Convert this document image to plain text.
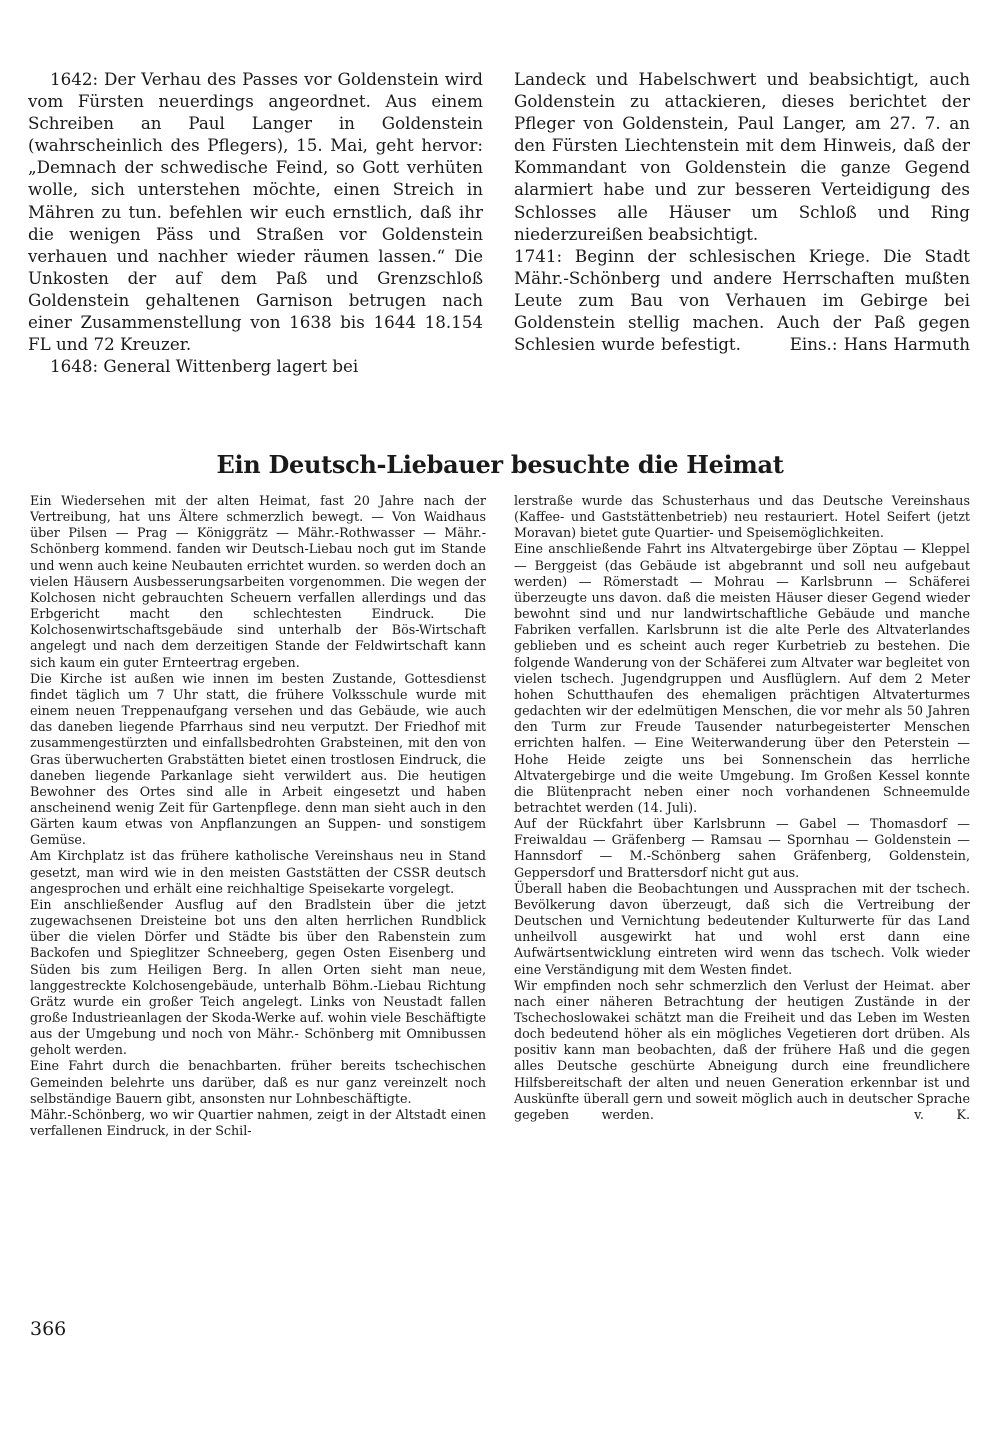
1642: Der Verhau des Passes vor Goldenstein wird vom Fürsten neuerdings angeordnet. Aus einem Schreiben an Paul Langer in Goldenstein (wahrscheinlich des Pflegers), 15. Mai, geht hervor: „Demnach der schwedische Feind, so Gott verhüten wolle, sich unterstehen möchte, einen Streich in Mähren zu tun. befehlen wir euch ernstlich, daß ihr die wenigen Päss und Straßen vor Goldenstein verhauen und nachher wieder räumen lassen.“ Die Unkosten der auf dem Paß und Grenzschloß Goldenstein gehaltenen Garnison betrugen nach einer Zusammenstellung von 1638 bis 1644 18.154 FL und 72 Kreuzer.

1648: General Wittenberg lagert bei

Landeck und Habelschwert und beabsichtigt, auch Goldenstein zu attackieren, dieses berichtet der Pfleger von Goldenstein, Paul Langer, am 27. 7. an den Fürsten Liechtenstein mit dem Hinweis, daß der Kommandant von Goldenstein die ganze Gegend alarmiert habe und zur besseren Verteidigung des Schlosses alle Häuser um Schloß und Ring niederzureißen beabsichtigt.

1741: Beginn der schlesischen Kriege. Die Stadt Mähr.-Schönberg und andere Herrschaften mußten Leute zum Bau von Verhauen im Gebirge bei Goldenstein stellig machen. Auch der Paß gegen Schlesien wurde befestigt.	Eins.: Hans Harmuth

Ein Deutsch-Liebauer besuchte die Heimat

Ein Wiedersehen mit der alten Heimat, fast 20 Jahre nach der Vertreibung, hat uns Ältere schmerzlich bewegt. — Von Waidhaus über Pilsen — Prag — Königgrätz — Mähr.-Rothwasser — Mähr.-Schönberg kommend. fanden wir Deutsch-Liebau noch gut im Stande und wenn auch keine Neubauten errichtet wurden. so werden doch an vielen Häusern Ausbesserungsarbeiten vorgenommen. Die wegen der Kolchosen nicht gebrauchten Scheuern verfallen allerdings und das Erbgericht macht den schlechtesten Eindruck. Die Kolchosenwirtschaftsgebäude sind unterhalb der Bös-Wirtschaft angelegt und nach dem derzeitigen Stande der Feldwirtschaft kann sich kaum ein guter Ernteertrag ergeben.

Die Kirche ist außen wie innen im besten Zustande, Gottesdienst findet täglich um 7 Uhr statt, die frühere Volksschule wurde mit einem neuen Treppenaufgang versehen und das Gebäude, wie auch das daneben liegende Pfarrhaus sind neu verputzt. Der Friedhof mit zusammengestürzten und einfallsbedrohten Grabsteinen, mit den von Gras überwucherten Grabstätten bietet einen trostlosen Eindruck, die daneben liegende Parkanlage sieht verwildert aus. Die heutigen Bewohner des Ortes sind alle in Arbeit eingesetzt und haben anscheinend wenig Zeit für Gartenpflege. denn man sieht auch in den Gärten kaum etwas von Anpflanzungen an Suppen- und sonstigem Gemüse.

Am Kirchplatz ist das frühere katholische Vereinshaus neu in Stand gesetzt, man wird wie in den meisten Gaststätten der CSSR deutsch angesprochen und erhält eine reichhaltige Speisekarte vorgelegt.

Ein anschließender Ausflug auf den Bradlstein über die jetzt zugewachsenen Dreisteine bot uns den alten herrlichen Rundblick über die vielen Dörfer und Städte bis über den Rabenstein zum Backofen und Spieglitzer Schneeberg, gegen Osten Eisenberg und Süden bis zum Heiligen Berg. In allen Orten sieht man neue, langgestreckte Kolchosengebäude, unterhalb Böhm.-Liebau Richtung Grätz wurde ein großer Teich angelegt. Links von Neustadt fallen große Industrieanlagen der Skoda-Werke auf. wohin viele Beschäftigte aus der Umgebung und noch von Mähr.- Schönberg mit Omnibussen geholt werden.

Eine Fahrt durch die benachbarten. früher bereits tschechischen Gemeinden belehrte uns darüber, daß es nur ganz vereinzelt noch selbständige Bauern gibt, ansonsten nur Lohnbeschäftigte.

Mähr.-Schönberg, wo wir Quartier nahmen, zeigt in der Altstadt einen verfallenen Eindruck, in der Schil-

lerstraße wurde das Schusterhaus und das Deutsche Vereinshaus (Kaffee- und Gaststättenbetrieb) neu restauriert. Hotel Seifert (jetzt Moravan) bietet gute Quartier- und Speisemöglichkeiten.

Eine anschließende Fahrt ins Altvatergebirge über Zöptau — Kleppel — Berggeist (das Gebäude ist abgebrannt und soll neu aufgebaut werden) — Römerstadt — Mohrau — Karlsbrunn — Schäferei überzeugte uns davon. daß die meisten Häuser dieser Gegend wieder bewohnt sind und nur landwirtschaftliche Gebäude und manche Fabriken verfallen. Karlsbrunn ist die alte Perle des Altvaterlandes geblieben und es scheint auch reger Kurbetrieb zu bestehen. Die folgende Wanderung von der Schäferei zum Altvater war begleitet von vielen tschech. Jugendgruppen und Ausflüglern. Auf dem 2 Meter hohen Schutthaufen des ehemaligen prächtigen Altvaterturmes gedachten wir der edelmütigen Menschen, die vor mehr als 50 Jahren den Turm zur Freude Tausender naturbegeisterter Menschen errichten halfen. — Eine Weiterwanderung über den Peterstein — Hohe Heide zeigte uns bei Sonnenschein das herrliche Altvatergebirge und die weite Umgebung. Im Großen Kessel konnte die Blütenpracht neben einer noch vorhandenen Schneemulde betrachtet werden (14. Juli).

Auf der Rückfahrt über Karlsbrunn — Gabel — Thomasdorf — Freiwaldau — Gräfenberg — Ramsau — Spornhau — Goldenstein — Hannsdorf — M.-Schönberg sahen Gräfenberg, Goldenstein, Geppersdorf und Brattersdorf nicht gut aus.

Überall haben die Beobachtungen und Aussprachen mit der tschech. Bevölkerung davon überzeugt, daß sich die Vertreibung der Deutschen und Vernichtung bedeutender Kulturwerte für das Land unheilvoll ausgewirkt hat und wohl erst dann eine Aufwärtsentwicklung eintreten wird wenn das tschech. Volk wieder eine Verständigung mit dem Westen findet.

Wir empfinden noch sehr schmerzlich den Verlust der Heimat. aber nach einer näheren Betrachtung der heutigen Zustände in der Tschechoslowakei schätzt man die Freiheit und das Leben im Westen doch bedeutend höher als ein mögliches Vegetieren dort drüben. Als positiv kann man beobachten, daß der frühere Haß und die gegen alles Deutsche geschürte Abneigung durch eine freundlichere Hilfsbereitschaft der alten und neuen Generation erkennbar ist und Auskünfte überall gern und soweit möglich auch in deutscher Sprache gegeben werden.	v. K.

366
